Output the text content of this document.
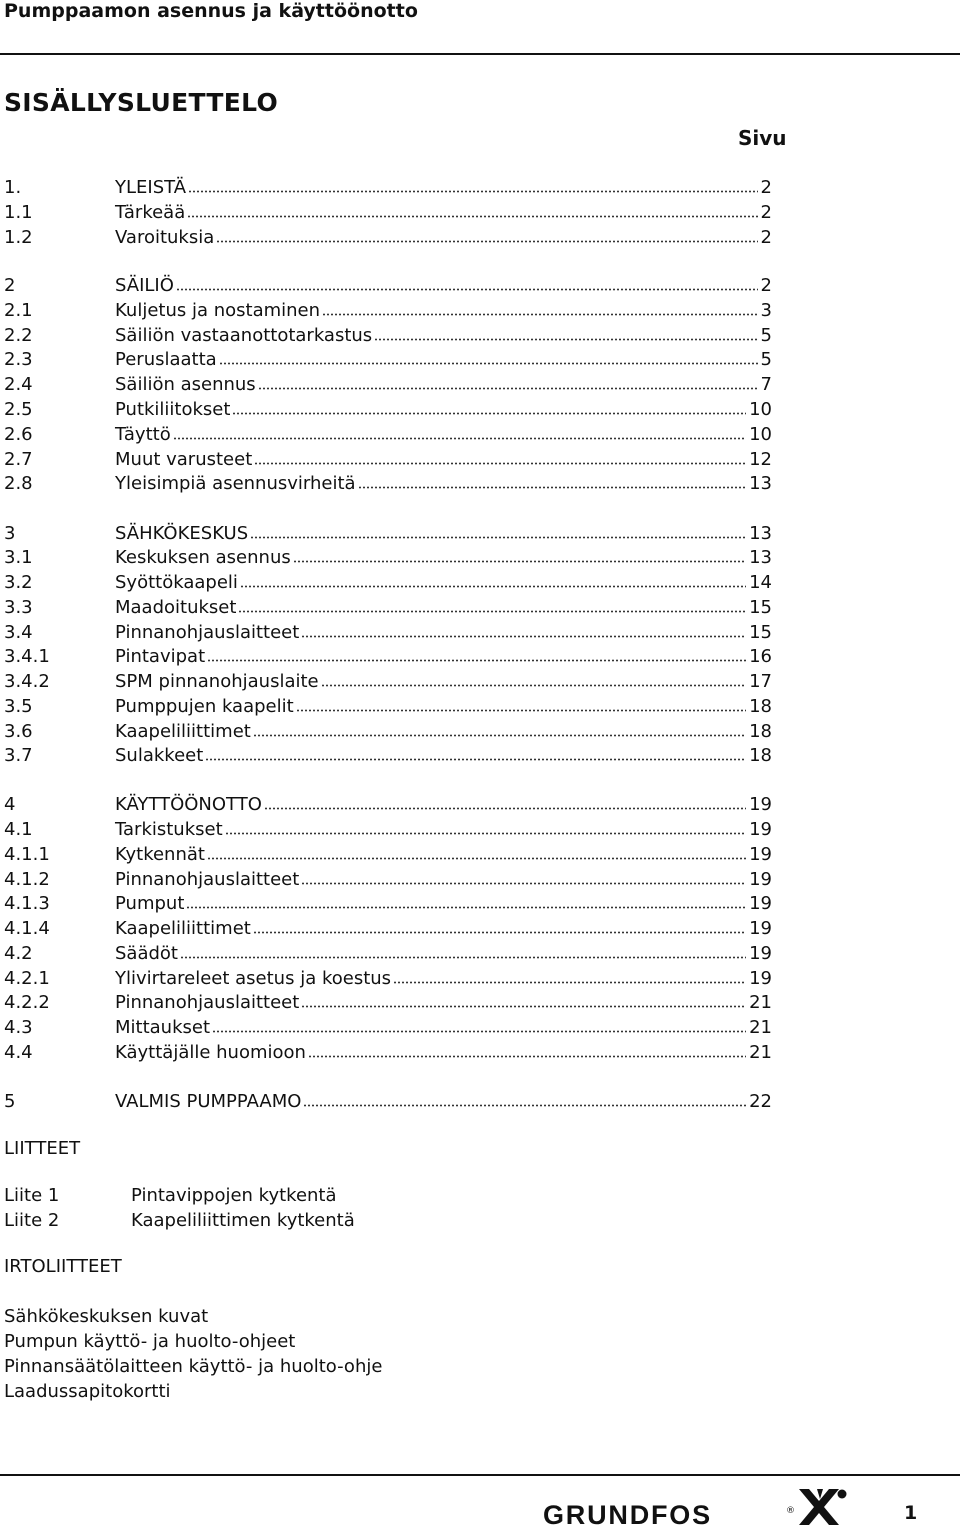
Pumppaamon asennus ja käyttöönotto
SISÄLLYSLUETTELO
Sivu
1.	YLEISTÄ	2
1.1	Tärkeää	2
1.2	Varoituksia	2
2	SÄILIÖ	2
2.1	Kuljetus ja nostaminen	3
2.2	Säiliön vastaanottotarkastus	5
2.3	Peruslaatta	5
2.4	Säiliön asennus	7
2.5	Putkiliitokset	10
2.6	Täyttö	10
2.7	Muut varusteet	12
2.8	Yleisimpiä asennusvirheitä	13
3	SÄHKÖKESKUS	13
3.1	Keskuksen asennus	13
3.2	Syöttökaapeli	14
3.3	Maadoitukset	15
3.4	Pinnanohjauslaitteet	15
3.4.1	Pintavipat	16
3.4.2	SPM pinnanohjauslaite	17
3.5	Pumppujen kaapelit	18
3.6	Kaapeliliittimet	18
3.7	Sulakkeet	18
4	KÄYTTÖÖNOTTO	19
4.1	Tarkistukset	19
4.1.1	Kytkennät	19
4.1.2	Pinnanohjauslaitteet	19
4.1.3	Pumput	19
4.1.4	Kaapeliliittimet	19
4.2	Säädöt	19
4.2.1	Ylivirtareleet asetus ja koestus	19
4.2.2	Pinnanohjauslaitteet	21
4.3	Mittaukset	21
4.4	Käyttäjälle huomioon	21
5	VALMIS PUMPPAAMO	22
LIITTEET
Liite 1	Pintavippojen kytkentä
Liite 2	Kaapeliliittimen kytkentä
IRTOLIITTEET
Sähkökeskuksen kuvat
Pumpun käyttö- ja huolto-ohjeet
Pinnansäätölaitteen käyttö- ja huolto-ohje
Laadussapitokortti
GRUNDFOS	®	1
